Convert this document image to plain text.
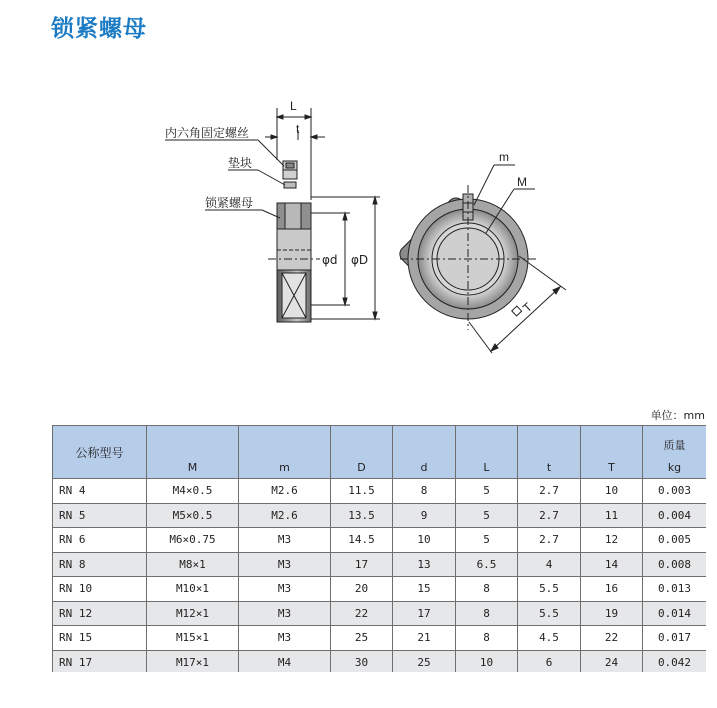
锁紧螺母
L
t
内六角固定螺丝
垫块
锁紧螺母
φd φD
m
M
T
单位：mm
公称型号	M	m	D	d	L	t	T	质量
kg

RN 4	M4×0.5	M2.6	11.5	8	5	2.7	10	0.003
RN 5	M5×0.5	M2.6	13.5	9	5	2.7	11	0.004
RN 6	M6×0.75	M3	14.5	10	5	2.7	12	0.005
RN 8	M8×1	M3	17	13	6.5	4	14	0.008
RN 10	M10×1	M3	20	15	8	5.5	16	0.013
RN 12	M12×1	M3	22	17	8	5.5	19	0.014
RN 15	M15×1	M3	25	21	8	4.5	22	0.017
RN 17	M17×1	M4	30	25	10	6	24	0.042
